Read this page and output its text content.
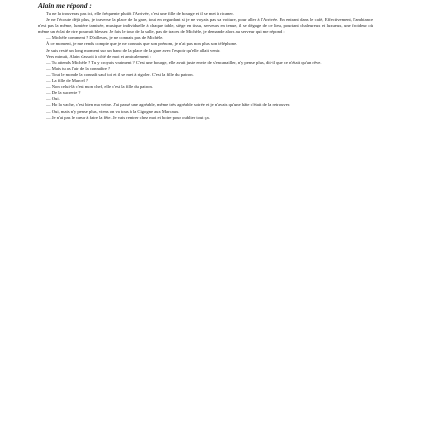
Alain me répond :

Tu ne la trouveras pas ici, elle fréquente plutôt l'Arrivée, c'est une fille de bourge et il se met à ricaner.

Je ne l'écoute déjà plus, je traverse la place de la gare, tout en regardant si je ne voyais pas sa voiture, pour aller à l'Arrivée. En entrant dans le café, Effectivement, l'ambiance n'est pas la même, lumière tamisée, musique individuelle à chaque table, siège en tissu, serveurs en tenue, il se dégage de ce lieu, pourtant chaleureux et luxueux, une froideur où même un éclat de rire pourrait blesser. Je fais le tour de la salle, pas de traces de Michèle, je demande alors au serveur qui me répond :

— Michèle comment ? D'ailleurs, je ne connais pas de Michèle.

À ce moment, je me rends compte que je ne connais que son prénom, je n'ai pas non plus son téléphone.

Je suis resté un long moment sur un banc de la place de la gare avec l'espoir qu'elle allait venir.

Vers minuit, Alain s'assoit à côté de moi et amicalement :

— Tu attends Michèle ? Tu y croyais vraiment ? C'est une bourge, elle avait juste envie de s'encanailler, n'y pense plus, dit-il que ce n'était qu'un rêve.

— Mais tu as l'air de la connaître ?

— Tout le monde la connaît sauf toi et il se met à rigoler. C'est la fille du patron.

— La fille de Marcel ?

— Non celui-là c'est mon chef, elle c'est la fille du patron.

— De la sucrerie ?

— Oui.

— Ho la vache, c'est bien ma veine. J'ai passé une agréable, même très agréable soirée et je n'avais qu'une hâte c'était de la retrouver.

— Oui, mais n'y pense plus, viens on va tous à la Cigogne aux Marcaux.

— Je n'ai pas le cœur à faire la fête. Je vais rentrer chez moi et boire pour oublier tout ça.
